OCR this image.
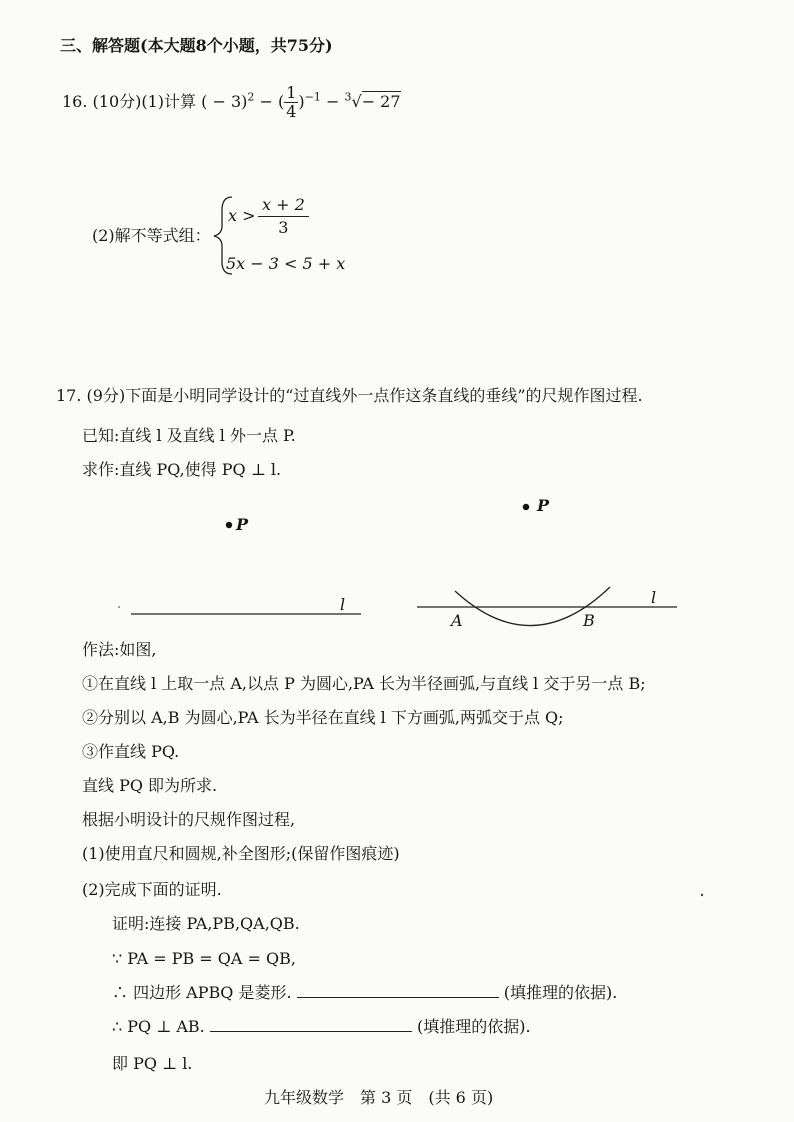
三、解答题(本大题8个小题，共75分)
16. (10分)(1)计算 ( − 3)$^2$ − ( $\frac{1}{4} )^{-1} - ^3√- 27$
(2)解不等式组：
$x > \frac{x + 2}{3}$
5x − 3 < 5 + x
17. (9分)下面是小明同学设计的“过直线外一点作这条直线的垂线”的尺规作图过程.
已知:直线 l 及直线 l 外一点 P.
求作:直线 PQ,使得 PQ ⊥ l.
P
l
P
l
A	B
作法:如图,
①在直线 l 上取一点 A,以点 P 为圆心,PA 长为半径画弧,与直线 l 交于另一点 B;
②分别以 A,B 为圆心,PA 长为半径在直线 l 下方画弧,两弧交于点 Q;
③作直线 PQ.
直线 PQ 即为所求.
根据小明设计的尺规作图过程,
(1)使用直尺和圆规,补全图形;(保留作图痕迹)
(2)完成下面的证明.
证明:连接 PA,PB,QA,QB.
∵ PA = PB = QA = QB,
∴ 四边形 APBQ 是菱形.	(填推理的依据).
∴ PQ ⊥ AB.	(填推理的依据).
即 PQ ⊥ l.
九年级数学　第 3 页　(共 6 页)
